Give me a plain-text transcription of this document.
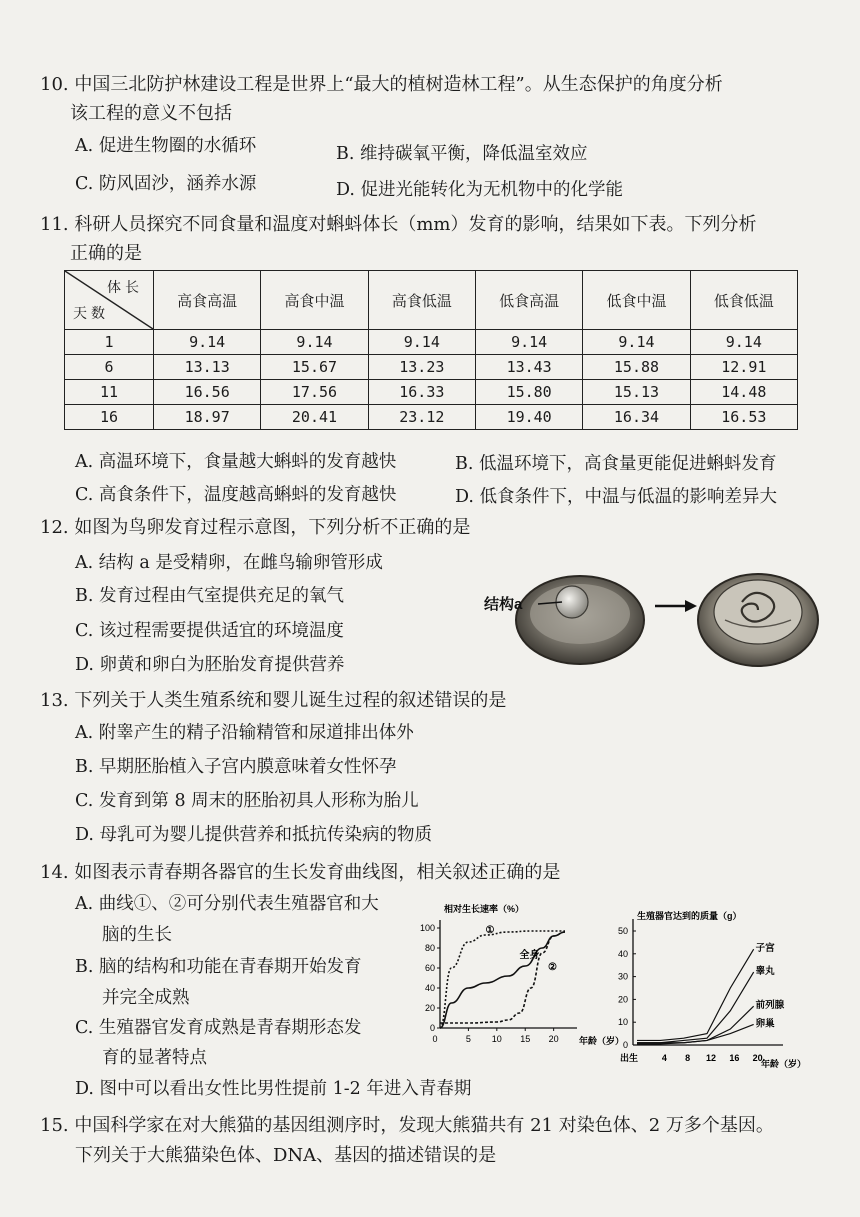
10. 中国三北防护林建设工程是世界上“最大的植树造林工程”。从生态保护的角度分析
该工程的意义不包括
A. 促进生物圈的水循环	B. 维持碳氧平衡，降低温室效应
C. 防风固沙，涵养水源	D. 促进光能转化为无机物中的化学能
11. 科研人员探究不同食量和温度对蝌蚪体长（mm）发育的影响，结果如下表。下列分析
正确的是
体长
天数	高食高温	高食中温	高食低温	低食高温	低食中温	低食低温
1	9.14	9.14	9.14	9.14	9.14	9.14
6	13.13	15.67	13.23	13.43	15.88	12.91
11	16.56	17.56	16.33	15.80	15.13	14.48
16	18.97	20.41	23.12	19.40	16.34	16.53
A. 高温环境下，食量越大蝌蚪的发育越快	B. 低温环境下，高食量更能促进蝌蚪发育
C. 高食条件下，温度越高蝌蚪的发育越快	D. 低食条件下，中温与低温的影响差异大
12. 如图为鸟卵发育过程示意图，下列分析不正确的是
A. 结构 a 是受精卵，在雌鸟输卵管形成
B. 发育过程由气室提供充足的氧气
C. 该过程需要提供适宜的环境温度
D. 卵黄和卵白为胚胎发育提供营养
结构a
13. 下列关于人类生殖系统和婴儿诞生过程的叙述错误的是
A. 附睾产生的精子沿输精管和尿道排出体外
B. 早期胚胎植入子宫内膜意味着女性怀孕
C. 发育到第 8 周末的胚胎初具人形称为胎儿
D. 母乳可为婴儿提供营养和抵抗传染病的物质
14. 如图表示青春期各器官的生长发育曲线图，相关叙述正确的是
A. 曲线①、②可分别代表生殖器官和大
脑的生长
B. 脑的结构和功能在青春期开始发育
并完全成熟
C. 生殖器官发育成熟是青春期形态发
育的显著特点
D. 图中可以看出女性比男性提前 1-2 年进入青春期
相对生长速率（%）
年龄（岁）
0
20
40
60
80
100
0	5 10 15 20
①
全身
②
生殖器官达到的质量（g）
年龄（岁）
0
10
20
30
40
50
出生	4 8 12 16 20
子宫
睾丸
前列腺
卵巢
15. 中国科学家在对大熊猫的基因组测序时，发现大熊猫共有 21 对染色体、2 万多个基因。
下列关于大熊猫染色体、DNA、基因的描述错误的是
